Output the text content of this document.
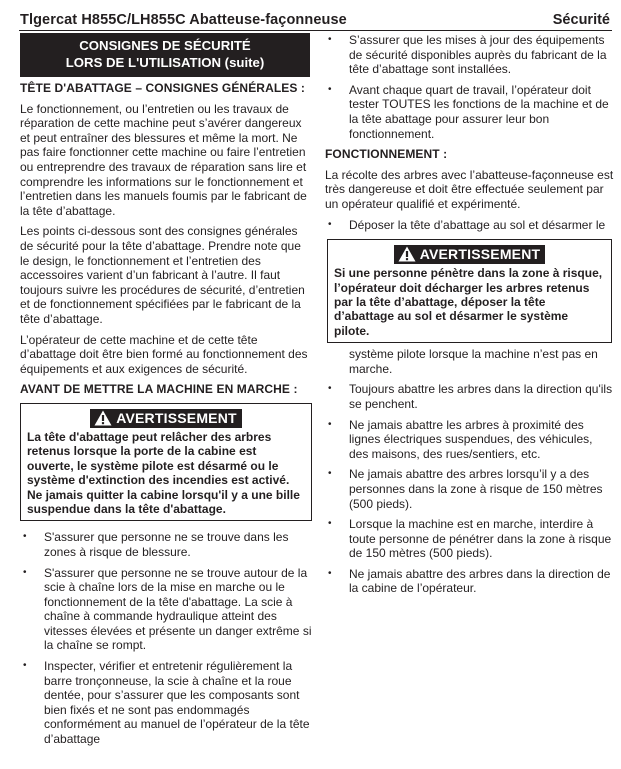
Tlgercat H855C/LH855C Abatteuse-façonneuse	Sécurité
CONSIGNES DE SÉCURITÉ
LORS DE L'UTILISATION (suite)
TÊTE D'ABATTAGE – CONSIGNES GÉNÉRALES :

Le fonctionnement, ou l’entretien ou les travaux de réparation de cette machine peut s’avérer dangereux et peut entraîner des blessures et même la mort. Ne pas faire fonctionner cette machine ou faire l’entretien ou entreprendre des travaux de réparation sans lire et comprendre les informations sur le fonctionnement et l’entretien dans les manuels foumis par le fabricant de la tête d’abattage.

Les points ci-dessous sont des consignes générales de sécurité pour la tête d’abattage. Prendre note que le design, le fonctionnement et l’entretien des accessoires varient d’un fabricant à l’autre. Il faut toujours suivre les procédures de sécurité, d’entretien et de fonctionnement spécifiées par le fabricant de la tête d’abattage.

L’opérateur de cette machine et de cette tête d’abattage doit être bien formé au fonctionnement des équipements et aux exigences de sécurité.

AVANT DE METTRE LA MACHINE EN MARCHE :
AVERTISSEMENT
La tête d'abattage peut relâcher des arbres retenus lorsque la porte de la cabine est ouverte, le système pilote est désarmé ou le système d'extinction des incendies est activé. Ne jamais quitter la cabine lorsqu'il y a une bille suspendue dans la tête d'abattage.
• S'assurer que personne ne se trouve dans les zones à risque de blessure.
• S'assurer que personne ne se trouve autour de la scie à chaîne lors de la mise en marche ou le fonctionnement de la tête d'abattage. La scie à chaîne à commande hydraulique atteint des vitesses élevées et présente un danger extrême si la chaîne se rompt.
• Inspecter, vérifier et entretenir régulièrement la barre tronçonneuse, la scie à chaîne et la roue dentée, pour s’assurer que les composants sont bien fixés et ne sont pas endommagés conformément au manuel de l’opérateur de la tête d’abattage
• S’assurer que les mises à jour des équipements de sécurité disponibles auprès du fabricant de la tête d’abattage sont installées.
• Avant chaque quart de travail, l’opérateur doit tester TOUTES les fonctions de la machine et de la tête abattage pour assurer leur bon fonctionnement.
FONCTIONNEMENT :

La récolte des arbres avec l’abatteuse-façonneuse est très dangereuse et doit être effectuée seulement par un opérateur qualifié et expérimenté.

• Déposer la tête d’abattage au sol et désarmer le
AVERTISSEMENT
Si une personne pénètre dans la zone à risque, l’opérateur doit décharger les arbres retenus par la tête d’abattage, déposer la tête d’abattage au sol et désarmer le système pilote.
système pilote lorsque la machine n’est pas en marche.
• Toujours abattre les arbres dans la direction qu'ils se penchent.
• Ne jamais abattre les arbres à proximité des lignes électriques suspendues, des véhicules, des maisons, des rues/sentiers, etc.
• Ne jamais abattre des arbres lorsqu’il y a des personnes dans la zone à risque de 150 mètres (500 pieds).
• Lorsque la machine est en marche, interdire à toute personne de pénétrer dans la zone à risque de 150 mètres (500 pieds).
• Ne jamais abattre des arbres dans la direction de la cabine de l’opérateur.
